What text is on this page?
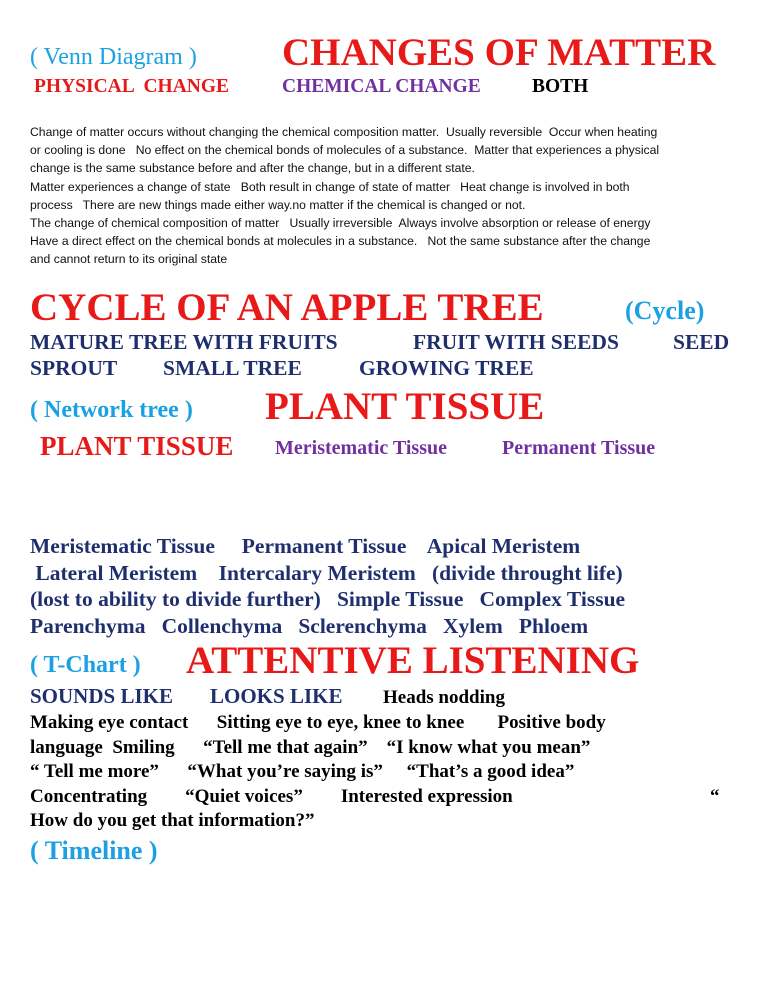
( Venn Diagram ) CHANGES OF MATTER
PHYSICAL  CHANGE	CHEMICAL CHANGE	BOTH
Change of matter occurs without changing the chemical composition matter.  Usually reversible  Occur when heating
or cooling is done   No effect on the chemical bonds of molecules of a substance.  Matter that experiences a physical
change is the same substance before and after the change, but in a different state.
Matter experiences a change of state   Both result in change of state of matter   Heat change is involved in both
process   There are new things made either way.no matter if the chemical is changed or not.
The change of chemical composition of matter   Usually irreversible  Always involve absorption or release of energy
Have a direct effect on the chemical bonds at molecules in a substance.   Not the same substance after the change
and cannot return to its original state
CYCLE OF AN APPLE TREE	(Cycle)
MATURE TREE WITH FRUITS	FRUIT WITH SEEDS	SEED
SPROUT SMALL TREE	GROWING TREE
( Network tree ) PLANT TISSUE
PLANT TISSUE Meristematic Tissue	Permanent Tissue
Meristematic Tissue     Permanent Tissue    Apical Meristem
Lateral Meristem    Intercalary Meristem   (divide throught life)
(lost to ability to divide further)   Simple Tissue   Complex Tissue
Parenchyma   Collenchyma   Sclerenchyma   Xylem   Phloem
( T-Chart ) ATTENTIVE LISTENING
SOUNDS LIKE LOOKS LIKE Heads nodding
Making eye contact      Sitting eye to eye, knee to knee       Positive body
language  Smiling      “Tell me that again”    “I know what you mean”
“ Tell me more”      “What you’re saying is”     “That’s a good idea”
Concentrating        “Quiet voices”        Interested expression	“
How do you get that information?”
( Timeline )
